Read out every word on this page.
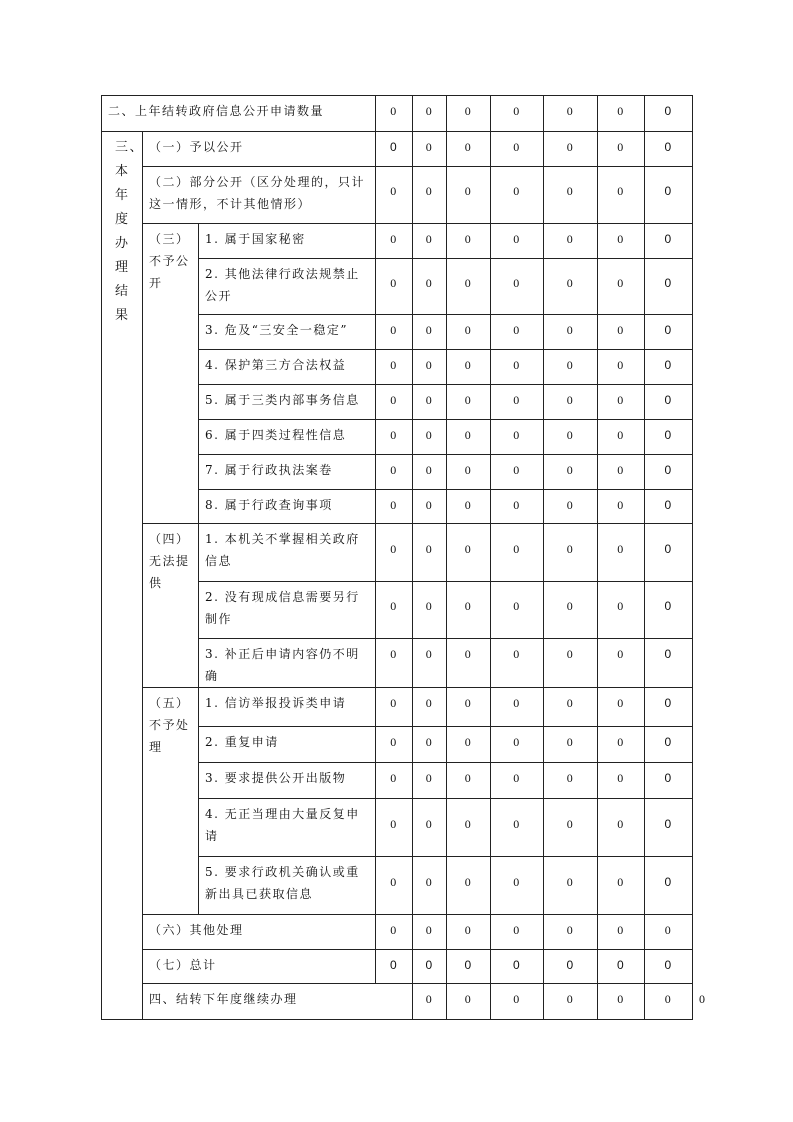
二、上年结转政府信息公开申请数量			0	0	0	0	0	0	0	

三、本年度办理结果	（一）予以公开		0	0	0	0	0	0	0	
	（二）部分公开（区分处理的，只计这一情形，不计其他情形）		0	0	0	0	0	0	0	

	（三）不予公开	1. 属于国家秘密	0	0	0	0	0	0	0	
		2. 其他法律行政法规禁止公开	0	0	0	0	0	0	0	
		3. 危及“三安全一稳定”	0	0	0	0	0	0	0	
		4. 保护第三方合法权益	0	0	0	0	0	0	0	
		5. 属于三类内部事务信息	0	0	0	0	0	0	0	
		6. 属于四类过程性信息	0	0	0	0	0	0	0	
		7. 属于行政执法案卷	0	0	0	0	0	0	0	
		8. 属于行政查询事项	0	0	0	0	0	0	0	

	（四）无法提供	1. 本机关不掌握相关政府信息	0	0	0	0	0	0	0	
		2. 没有现成信息需要另行制作	0	0	0	0	0	0	0	
		3. 补正后申请内容仍不明确	0	0	0	0	0	0	0	

	（五）不予处理	1. 信访举报投诉类申请	0	0	0	0	0	0	0	
		2. 重复申请	0	0	0	0	0	0	0	
		3. 要求提供公开出版物	0	0	0	0	0	0	0	
		4. 无正当理由大量反复申请	0	0	0	0	0	0	0	
		5. 要求行政机关确认或重新出具已获取信息	0	0	0	0	0	0	0	
	（六）其他处理		0	0	0	0	0	0	0	
	（七）总计		0	0	0	0	0	0	0	
	四、结转下年度继续办理			0	0	0	0	0	0	0
